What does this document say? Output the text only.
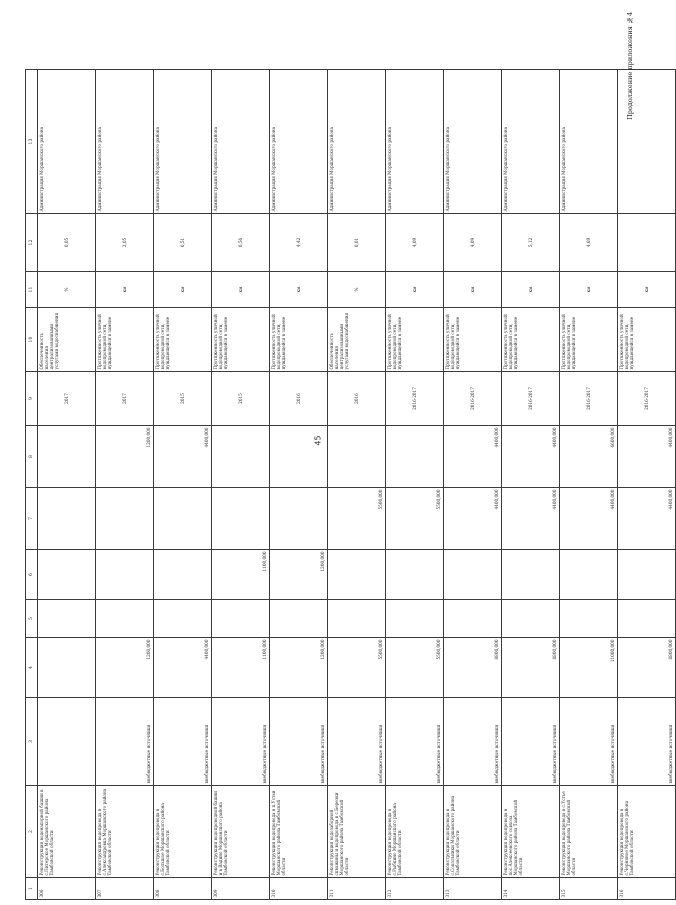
45
Продолжение приложения №4
1	2	3	4	5	6	7	8	9	10	11	12	13
306	Реконструкция водонапорной башни в с.Питерское Моршанского района Тамбовской области							2017	Обеспеченность населения централизованными услугами водоснабжения	%	0,05	Администрация Моршанского района
307	Реконструкция водопровода в с.Александровка Моршанского района Тамбовской области	внебюджетные источники	1200,000				1200,000	2017	Протяженность уличной водопроводной сети, нуждающейся в замене	км	2,05	Администрация Моршанского района
308	Реконструкция водопровода в с.Большое Моршанского района Тамбовской области	внебюджетные источники	4400,000				4400,000	2015	Протяженность уличной водопроводной сети, нуждающейся в замене	км	0,51	Администрация Моршанского района
309	Реконструкция водопроводной башни и в Вадино Моршанского района Тамбовской области	внебюджетные источники	1100,000		1100,000			2015	Протяженность уличной водопроводной сети, нуждающейся в замене	км	0,56	Администрация Моршанского района
310	Реконструкция водопровода в п.Устьи Моршанского района Тамбовской области	внебюджетные источники	1200,000		1200,000			2016	Протяженность уличной водопроводной сети, нуждающейся в замене	км	4,42	Администрация Моршанского района
311	Реконструкция водозаборной скважины и водопровода в с.Березки Моршанского района Тамбовской области	внебюджетные источники	5500,000			5500,000		2016	Обеспеченность населения централизованными услугами водоснабжения	%	0,01	Администрация Моршанского района
312	Реконструкция водопровода в с.Рыбкино Моршанского района Тамбовской области	внебюджетные источники	5500,000			5500,000		2016-2017	Протяженность уличной водопроводной сети, нуждающейся в замене	км	4,09	Администрация Моршанского района
313	Реконструкция водопровода в с.Сокольники Моршанского района Тамбовской области	внебюджетные источники	8800,000			4400,000	4400,000	2016-2017	Протяженность уличной водопроводной сети, нуждающейся в замене	км	4,09	Администрация Моршанского района
314	Реконструкция водопровода в пос.Алексеевского совхоза Моршанского района Тамбовской области	внебюджетные источники	8800,000			4400,000	4400,000	2016-2017	Протяженность уличной водопроводной сети, нуждающейся в замене	км	5,12	Администрация Моршанского района
315	Реконструкция водопровода в с.Устье Моршанского района Тамбовской области	внебюджетные источники	11000,000			4400,000	6600,000	2016-2017	Протяженность уличной водопроводной сети, нуждающейся в замене	км	4,69	Администрация Моршанского района
316	Реконструкция водопровода в с.Черняное Моршанского района Тамбовской области	внебюджетные источники	8800,000			4400,000	4400,000	2016-2017	Протяженность уличной водопроводной сети, нуждающейся в замене	км		
